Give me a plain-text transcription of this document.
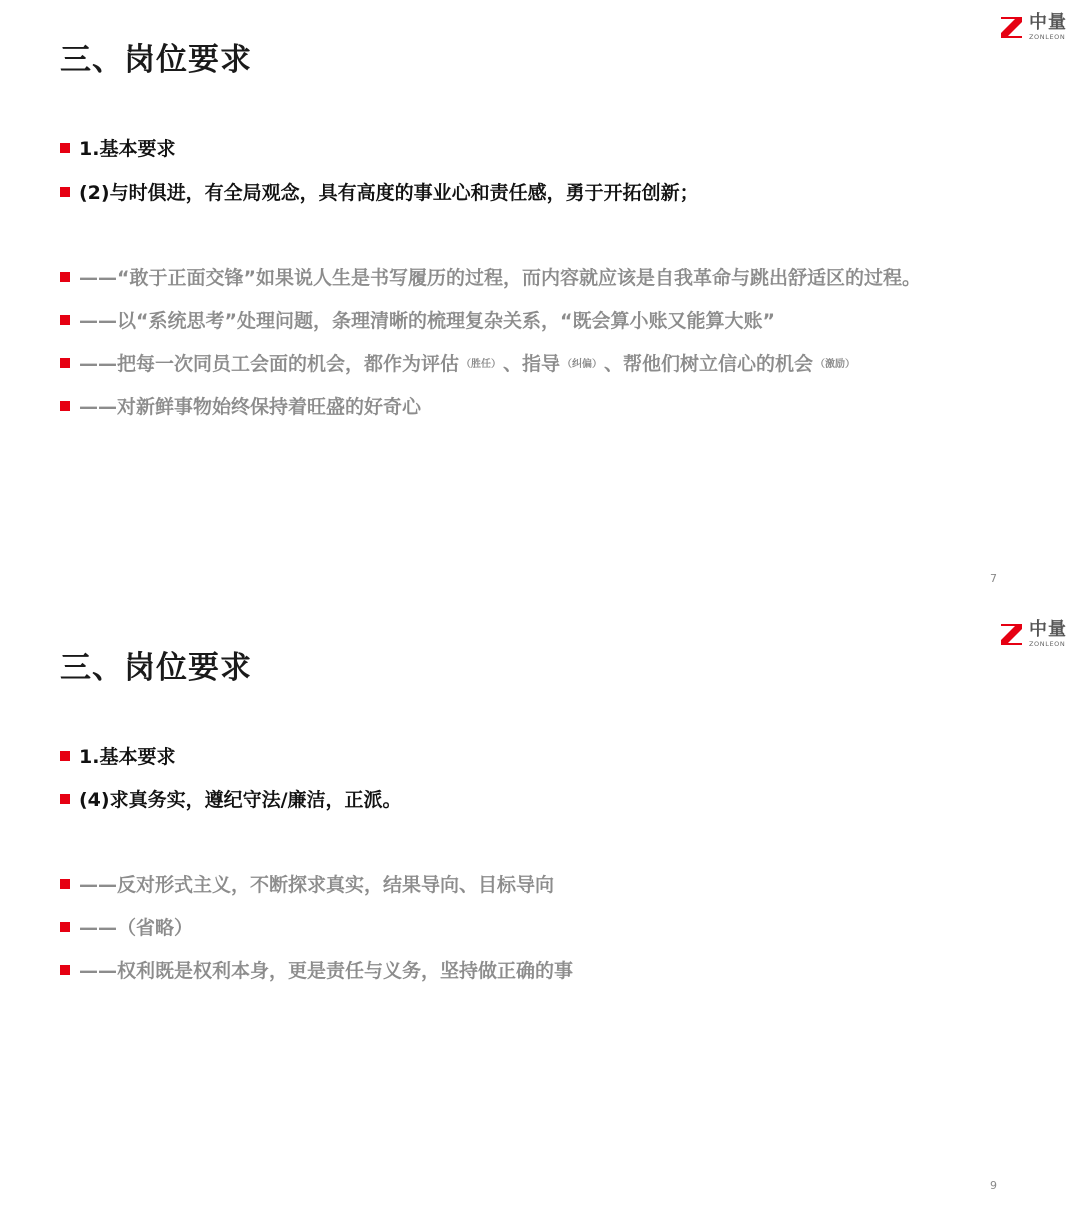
三、岗位要求
中量
ZONLEON
1.基本要求
(2)与时俱进，有全局观念，具有高度的事业心和责任感，勇于开拓创新；
——“敢于正面交锋”如果说人生是书写履历的过程，而内容就应该是自我革命与跳出舒适区的过程。
——以“系统思考”处理问题，条理清晰的梳理复杂关系，“既会算小账又能算大账”
——把每一次同员工会面的机会，都作为评估 （胜任） 、指导 （纠偏） 、帮他们树立信心的机会 （激励）
——对新鲜事物始终保持着旺盛的好奇心
7
三、岗位要求
中量
ZONLEON
1.基本要求
(4)求真务实，遵纪守法/廉洁，正派。
——反对形式主义，不断探求真实，结果导向、目标导向
——（省略）
——权利既是权利本身，更是责任与义务，坚持做正确的事
9
